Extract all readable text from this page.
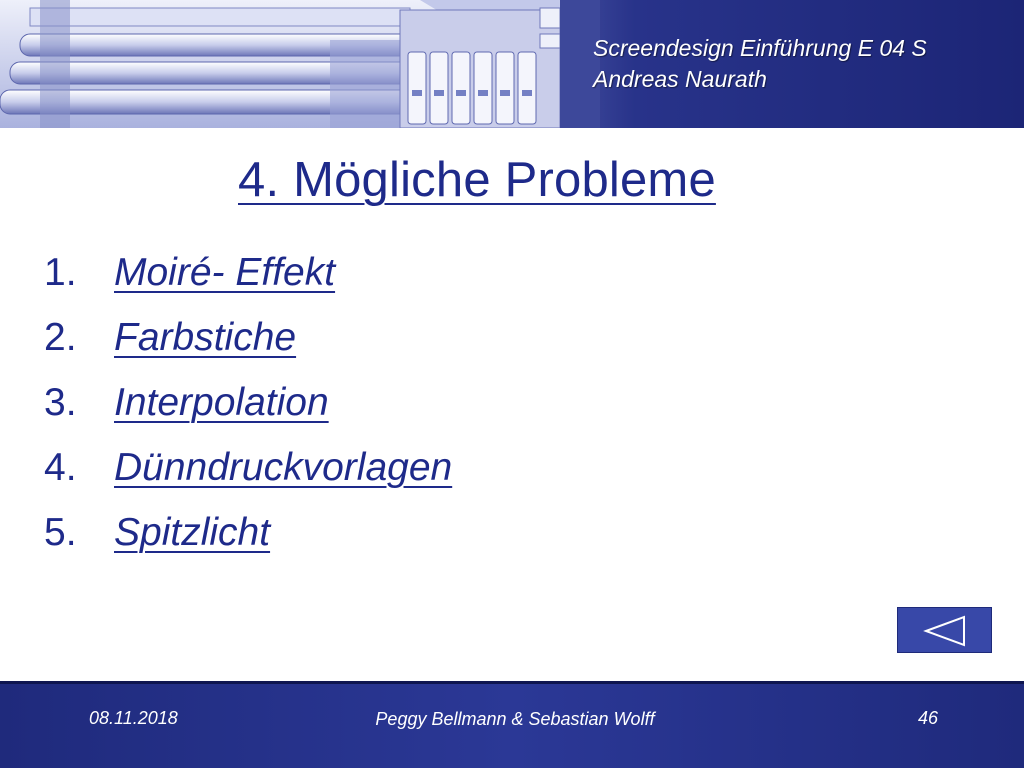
Screendesign Einführung E 04 S
Andreas Naurath
4. Mögliche Probleme
1. Moiré- Effekt
2. Farbstiche
3. Interpolation
4. Dünndruckvorlagen
5. Spitzlicht
08.11.2018	Peggy Bellmann & Sebastian Wolff	46
